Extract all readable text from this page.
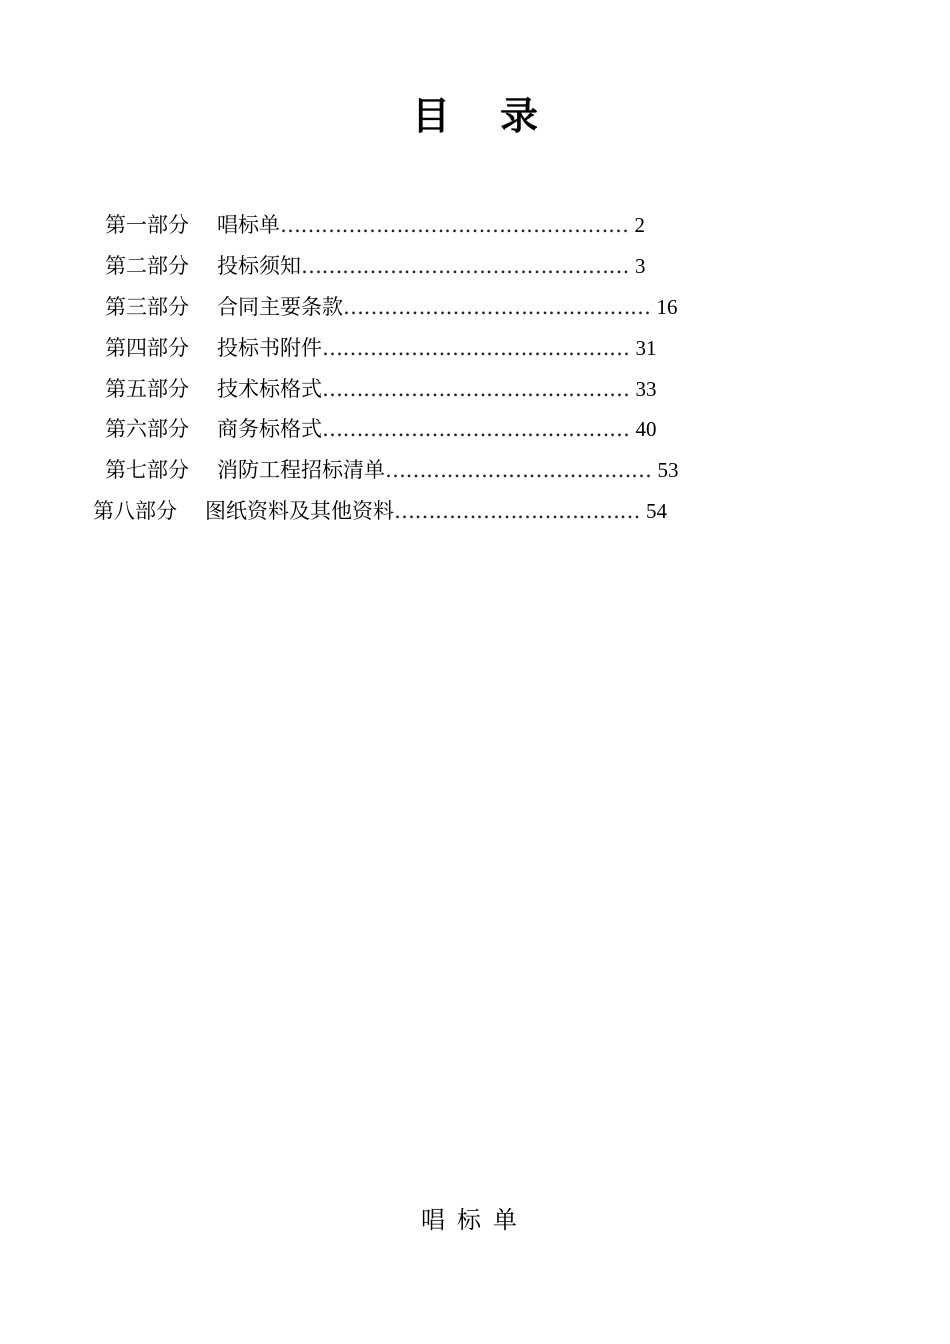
目 录
第一部分 唱标单…………………………………………… 2
第二部分 投标须知………………………………………… 3
第三部分 合同主要条款……………………………………… 16
第四部分 投标书附件……………………………………… 31
第五部分 技术标格式……………………………………… 33
第六部分 商务标格式……………………………………… 40
第七部分 消防工程招标清单………………………………… 53
第八部分 图纸资料及其他资料……………………………… 54
唱标单
